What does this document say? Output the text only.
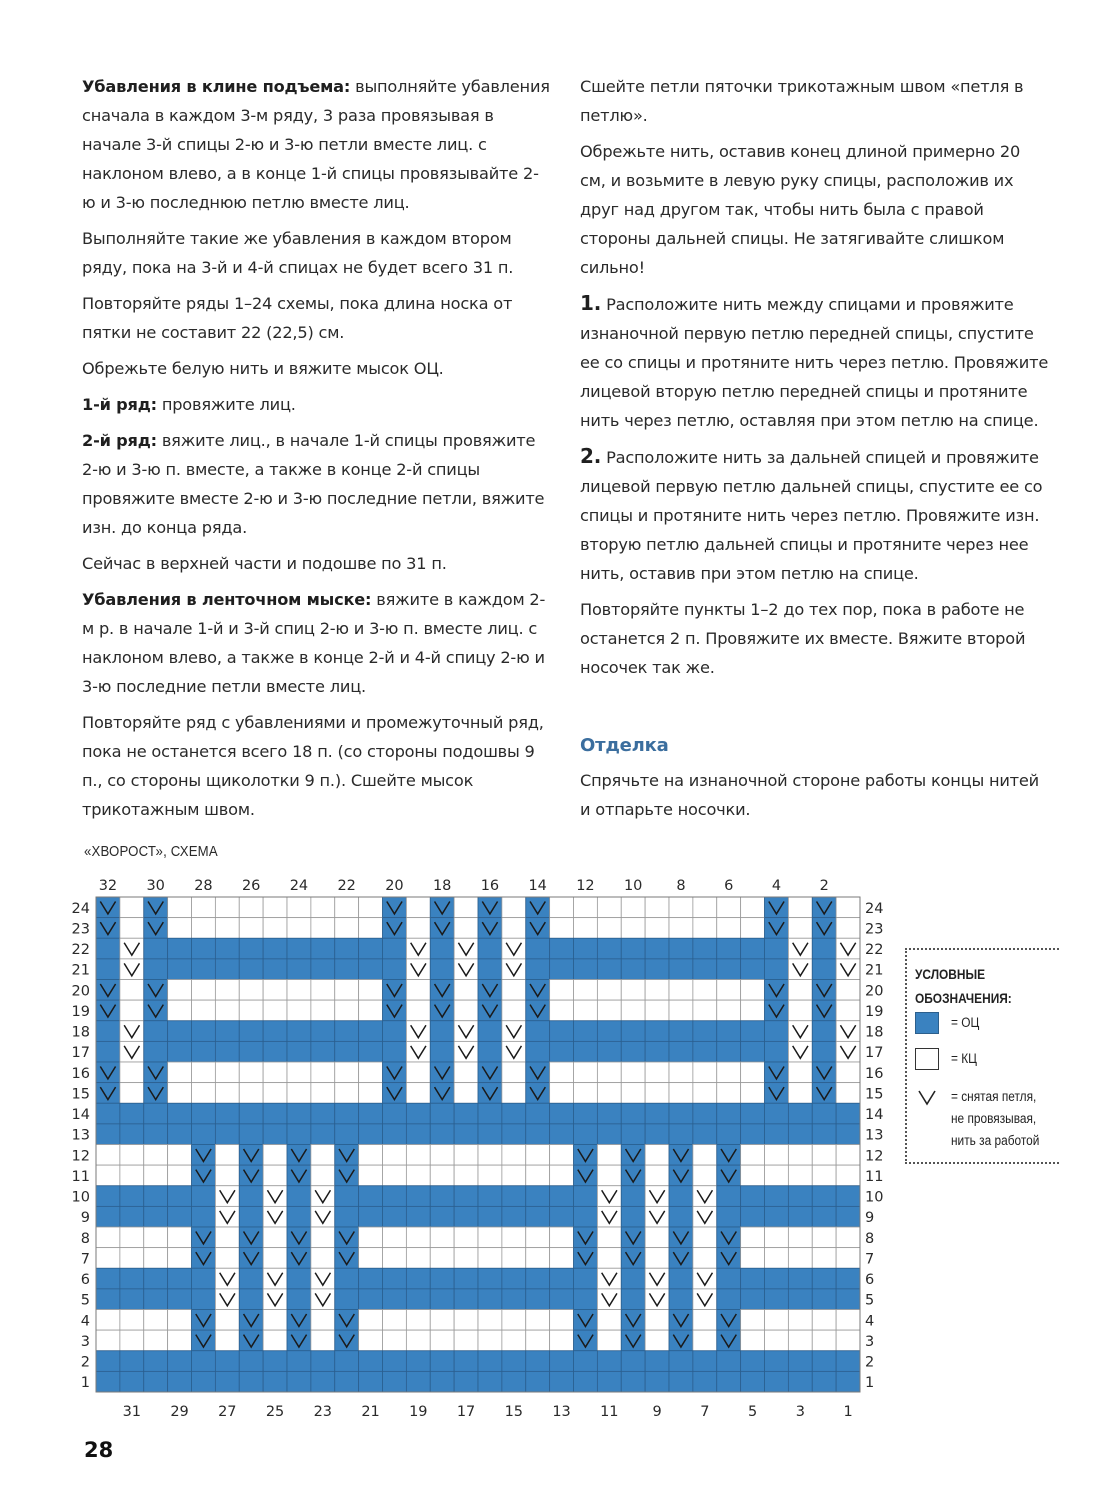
Убавления в клине подъема: выполняйте убавления сначала в каждом 3-м ряду, 3 раза провязывая в начале 3-й спицы 2-ю и 3-ю петли вместе лиц. с наклоном влево, а в конце 1-й спицы провязывайте 2-ю и 3-ю последнюю петлю вместе лиц.

Выполняйте такие же убавления в каждом втором ряду, пока на 3-й и 4-й спицах не будет всего 31 п.

Повторяйте ряды 1–24 схемы, пока длина носка от пятки не составит 22 (22,5) см.

Обрежьте белую нить и вяжите мысок ОЦ.

1-й ряд: провяжите лиц.

2-й ряд: вяжите лиц., в начале 1-й спицы провяжите 2-ю и 3-ю п. вместе, а также в конце 2-й спицы провяжите вместе 2-ю и 3-ю последние петли, вяжите изн. до конца ряда.

Сейчас в верхней части и подошве по 31 п.

Убавления в ленточном мыске: вяжите в каждом 2-м р. в начале 1-й и 3-й спиц 2-ю и 3-ю п. вместе лиц. с наклоном влево, а также в конце 2-й и 4-й спицу 2-ю и 3-ю последние петли вместе лиц.

Повторяйте ряд с убавлениями и промежуточный ряд, пока не останется всего 18 п. (со стороны подошвы 9 п., со стороны щиколотки 9 п.). Сшейте мысок трикотажным швом.

Сшейте петли пяточки трикотажным швом «петля в петлю».

Обрежьте нить, оставив конец длиной примерно 20 см, и возьмите в левую руку спицы, расположив их друг над другом так, чтобы нить была с правой стороны дальней спицы. Не затягивайте слишком сильно!

1. Расположите нить между спицами и провяжите изнаночной первую петлю передней спицы, спустите ее со спицы и протяните нить через петлю. Провяжите лицевой вторую петлю передней спицы и протяните нить через петлю, оставляя при этом петлю на спице.

2. Расположите нить за дальней спицей и провяжите лицевой первую петлю дальней спицы, спустите ее со спицы и протяните нить через петлю. Провяжите изн. вторую петлю дальней спицы и протяните через нее нить, оставив при этом петлю на спице.

Повторяйте пункты 1–2 до тех пор, пока в работе не останется 2 п. Провяжите их вместе. Вяжите второй носочек так же.

Отделка

Спрячьте на изнаночной стороне работы концы нитей и отпарьте носочки.

«ХВОРОСТ», СХЕМА
32 30 28 26 24 22 20 18 16 14 12 10 8	6	4	2
31 29 27 25 23 21 19 17 15 13 11 9	7	5	3	1
24
23
22
21
20
19
18
17
16
15
14
13
12
11
10
9
8
7
6
5
4
3
2
1
24
23
22
21
20
19
18
17
16
15
14
13
12
11
10
9
8
7
6
5
4
3
2
1
УСЛОВНЫЕ ОБОЗНАЧЕНИЯ:
= ОЦ
= КЦ
= снятая петля,
не провязывая,
нить за работой
28
